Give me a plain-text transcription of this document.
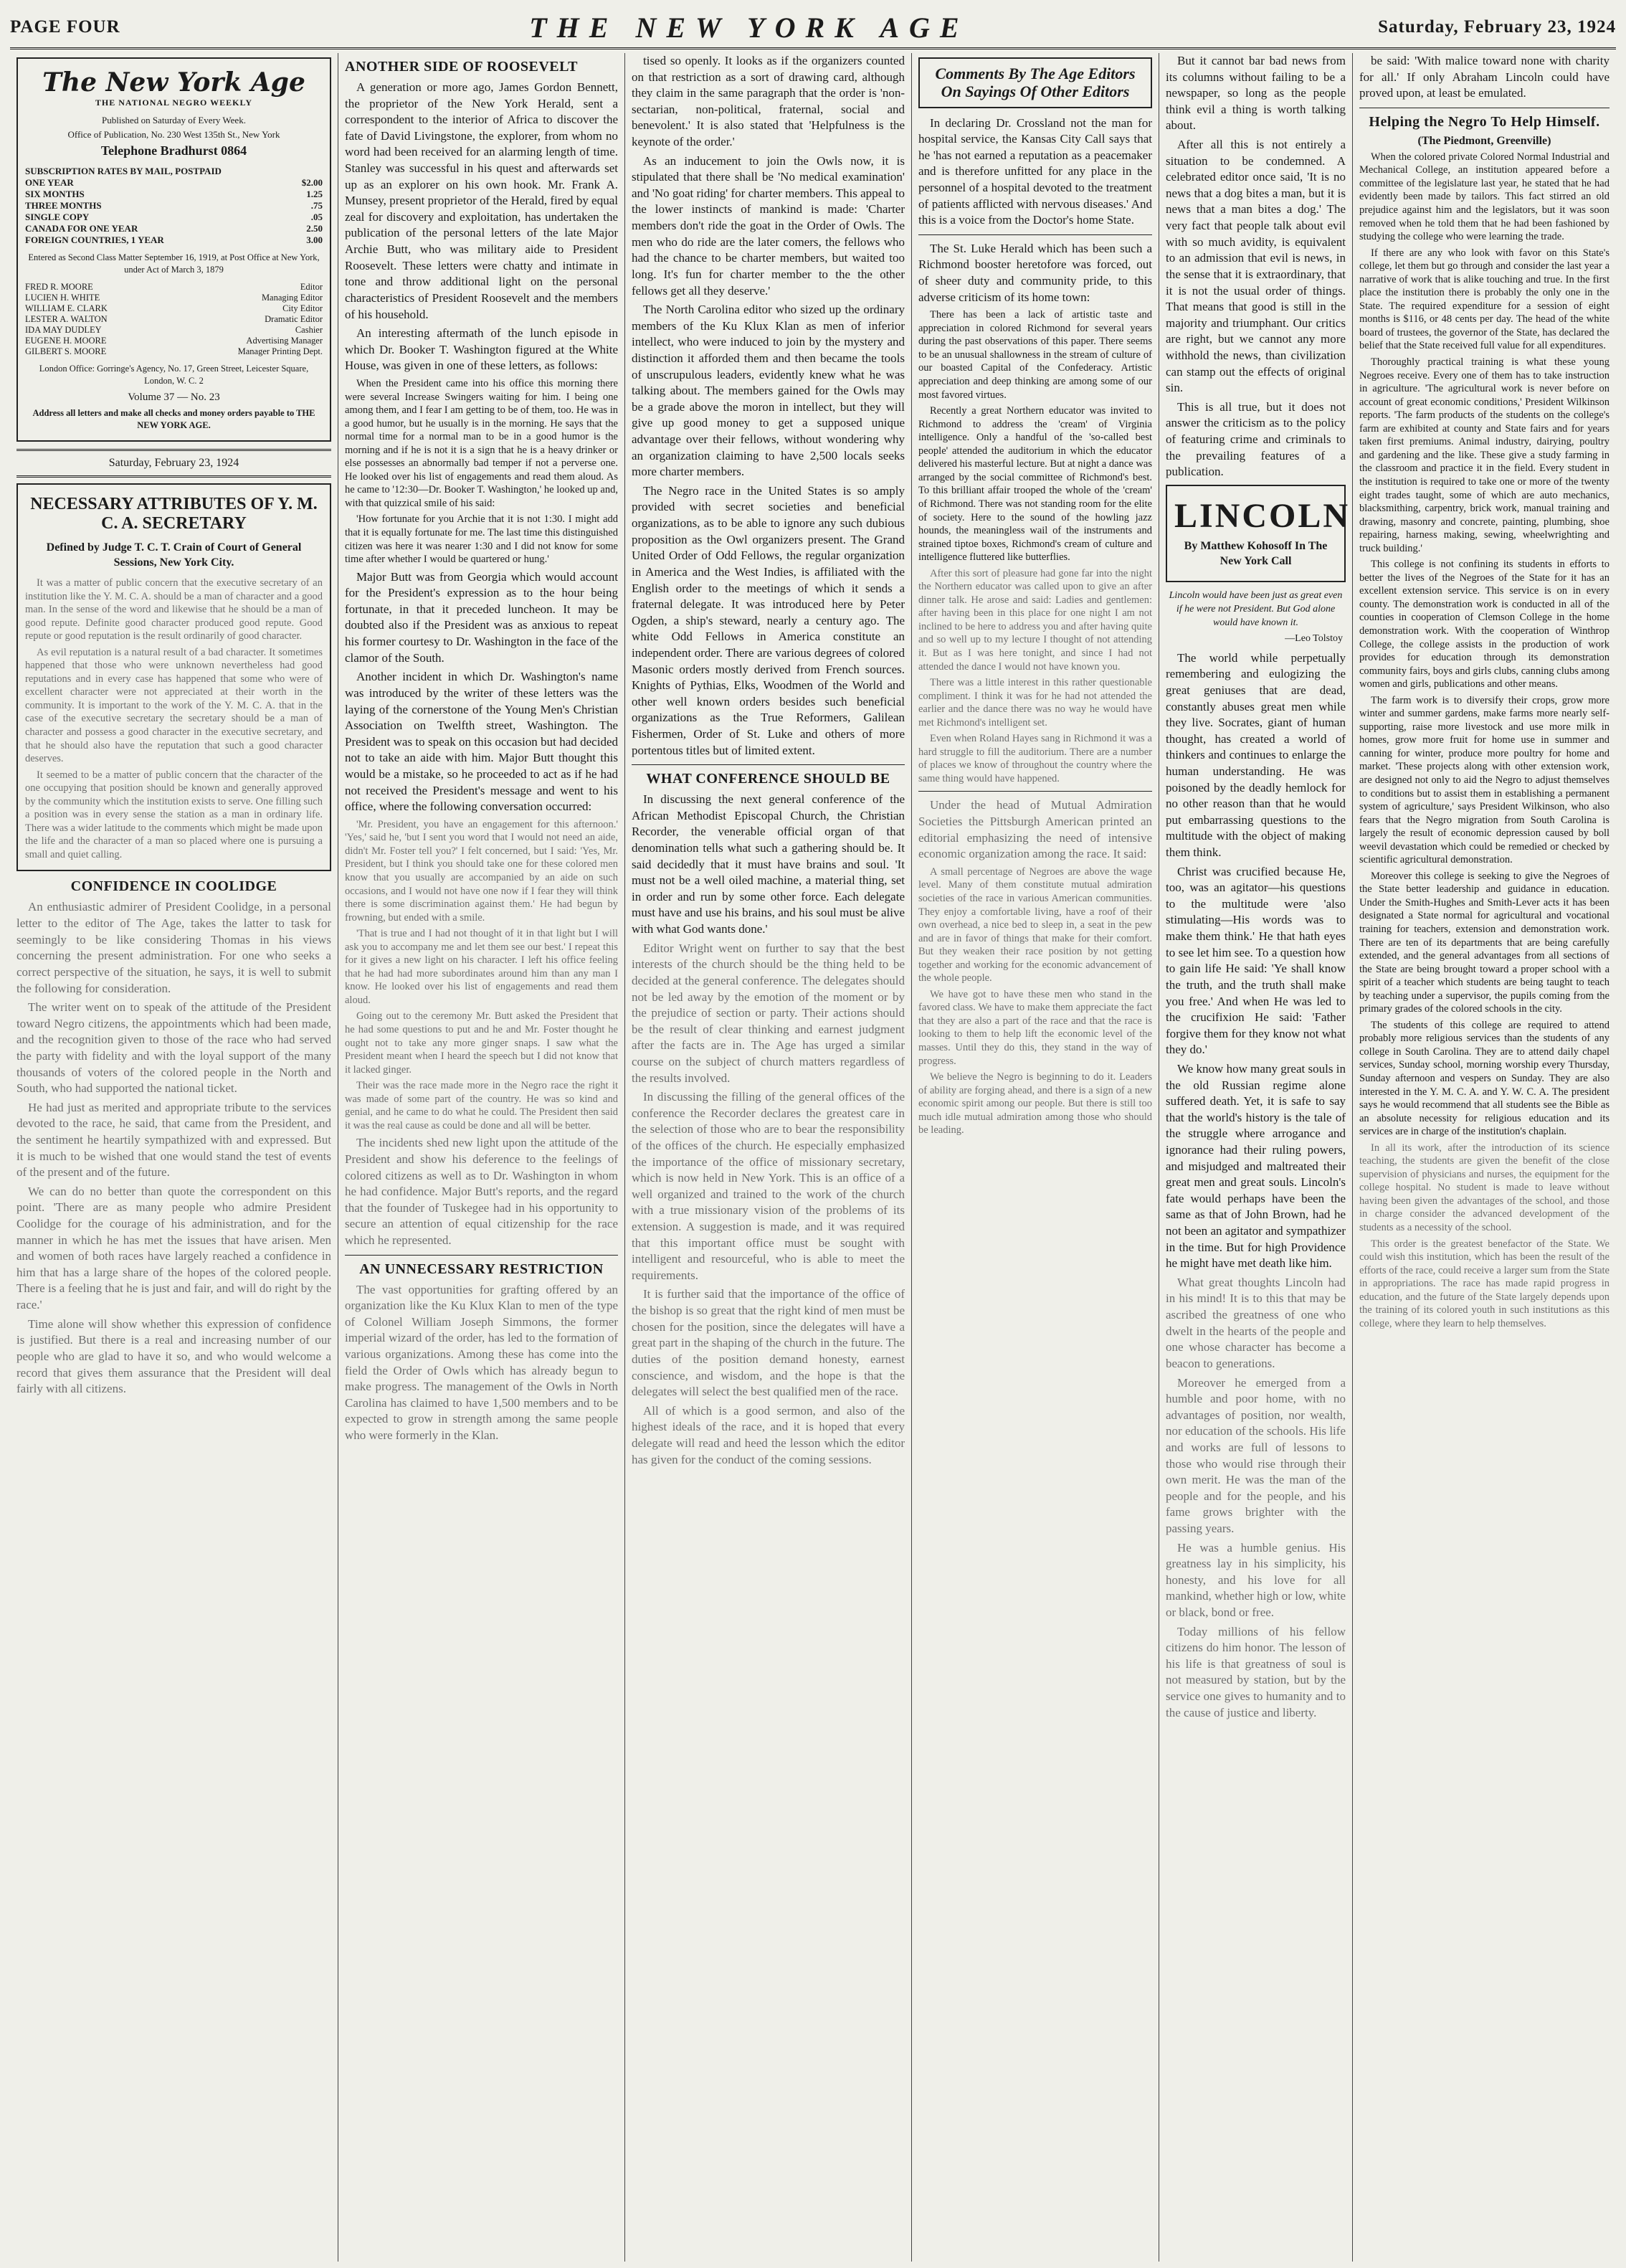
PAGE FOUR	THE NEW YORK AGE	Saturday, February 23, 1924
The New York Age
THE NATIONAL NEGRO WEEKLY
Published on Saturday of Every Week.
Office of Publication, No. 230 West 135th St., New York
Telephone Bradhurst 0864
SUBSCRIPTION RATES BY MAIL, POSTPAID
ONE YEAR	$2.00
SIX MONTHS	1.25
THREE MONTHS	.75
SINGLE COPY	.05
CANADA FOR ONE YEAR	2.50
FOREIGN COUNTRIES, 1 YEAR	3.00
Entered as Second Class Matter September 16, 1919, at Post Office at New York, under Act of March 3, 1879
FRED R. MOORE	Editor
LUCIEN H. WHITE	Managing Editor
WILLIAM E. CLARK	City Editor
LESTER A. WALTON	Dramatic Editor
IDA MAY DUDLEY	Cashier
EUGENE H. MOORE	Advertising Manager
GILBERT S. MOORE	Manager Printing Dept.
London Office: Gorringe's Agency, No. 17, Green Street, Leicester Square, London, W. C. 2
Volume 37 — No. 23
Address all letters and make all checks and money orders payable to THE NEW YORK AGE.
Saturday, February 23, 1924
NECESSARY ATTRIBUTES OF Y. M. C. A. SECRETARY
Defined by Judge T. C. T. Crain of Court of General Sessions, New York City.

It was a matter of public concern that the executive secretary of an institution like the Y. M. C. A. should be a man of character and a good man. In the sense of the word and likewise that he should be a man of good repute. Definite good character produced good repute. Good repute or good reputation is the result ordinarily of good character.

As evil reputation is a natural result of a bad character. It sometimes happened that those who were unknown nevertheless had good reputations and in every case has happened that some who were of excellent character were not appreciated at their worth in the community. It is important to the work of the Y. M. C. A. that in the case of the executive secretary the secretary should be a man of character and possess a good character in the executive secretary, and that he should also have the reputation that such a good character deserves.

It seemed to be a matter of public concern that the character of the one occupying that position should be known and generally approved by the community which the institution exists to serve. One filling such a position was in every sense the station as a man in ordinary life. There was a wider latitude to the comments which might be made upon the life and the character of a man so placed where one is pursuing a small and quiet calling.

CONFIDENCE IN COOLIDGE

An enthusiastic admirer of President Coolidge, in a personal letter to the editor of The Age, takes the latter to task for seemingly to be like considering Thomas in his views concerning the present administration. For one who seeks a correct perspective of the situation, he says, it is well to submit the following for consideration.

The writer went on to speak of the attitude of the President toward Negro citizens, the appointments which had been made, and the recognition given to those of the race who had served the party with fidelity and with the loyal support of the many thousands of voters of the colored people in the North and South, who had supported the national ticket.

He had just as merited and appropriate tribute to the services devoted to the race, he said, that came from the President, and the sentiment he heartily sympathized with and expressed. But it is much to be wished that one would stand the test of events of the present and of the future.

We can do no better than quote the correspondent on this point. 'There are as many people who admire President Coolidge for the courage of his administration, and for the manner in which he has met the issues that have arisen. Men and women of both races have largely reached a confidence in him that has a large share of the hopes of the colored people. There is a feeling that he is just and fair, and will do right by the race.'

Time alone will show whether this expression of confidence is justified. But there is a real and increasing number of our people who are glad to have it so, and who would welcome a record that gives them assurance that the President will deal fairly with all citizens.

ANOTHER SIDE OF ROOSEVELT

A generation or more ago, James Gordon Bennett, the proprietor of the New York Herald, sent a correspondent to the interior of Africa to discover the fate of David Livingstone, the explorer, from whom no word had been received for an alarming length of time. Stanley was successful in his quest and afterwards set up as an explorer on his own hook. Mr. Frank A. Munsey, present proprietor of the Herald, fired by equal zeal for discovery and exploitation, has undertaken the publication of the personal letters of the late Major Archie Butt, who was military aide to President Roosevelt. These letters were chatty and intimate in tone and throw additional light on the personal characteristics of President Roosevelt and the members of his household.

An interesting aftermath of the lunch episode in which Dr. Booker T. Washington figured at the White House, was given in one of these letters, as follows:

When the President came into his office this morning there were several Increase Swingers waiting for him. I being one among them, and I fear I am getting to be of them, too. He was in a good humor, but he usually is in the morning. He says that the normal time for a normal man to be in a good humor is the morning and if he is not it is a sign that he is a heavy drinker or else possesses an abnormally bad temper if not a perverse one. He looked over his list of engagements and read them aloud. As he came to '12:30—Dr. Booker T. Washington,' he looked up and, with that quizzical smile of his said:

'How fortunate for you Archie that it is not 1:30. I might add that it is equally fortunate for me. The last time this distinguished citizen was here it was nearer 1:30 and I did not know for some time after whether I would be quartered or hung.'

Major Butt was from Georgia which would account for the President's expression as to the hour being fortunate, in that it preceded luncheon. It may be doubted also if the President was as anxious to repeat his former courtesy to Dr. Washington in the face of the clamor of the South.

Another incident in which Dr. Washington's name was introduced by the writer of these letters was the laying of the cornerstone of the Young Men's Christian Association on Twelfth street, Washington. The President was to speak on this occasion but had decided not to take an aide with him. Major Butt thought this would be a mistake, so he proceeded to act as if he had not received the President's message and went to his office, where the following conversation occurred:

'Mr. President, you have an engagement for this afternoon.' 'Yes,' said he, 'but I sent you word that I would not need an aide, didn't Mr. Foster tell you?' I felt concerned, but I said: 'Yes, Mr. President, but I think you should take one for these colored men know that you usually are accompanied by an aide on such occasions, and I would not have one now if I fear they will think there is some discrimination against them.' He had begun by frowning, but ended with a smile.

'That is true and I had not thought of it in that light but I will ask you to accompany me and let them see our best.' I repeat this for it gives a new light on his character. I left his office feeling that he had had more subordinates around him than any man I know. He looked over his list of engagements and read them aloud.

Going out to the ceremony Mr. Butt asked the President that he had some questions to put and he and Mr. Foster thought he ought not to take any more ginger snaps. I saw what the President meant when I heard the speech but I did not know that it lacked ginger.

Their was the race made more in the Negro race the right it was made of some part of the country. He was so kind and genial, and he came to do what he could. The President then said it was the real cause as could be done and all will be better.

The incidents shed new light upon the attitude of the President and show his deference to the feelings of colored citizens as well as to Dr. Washington in whom he had confidence. Major Butt's reports, and the regard that the founder of Tuskegee had in his opportunity to secure an attention of equal citizenship for the race which he represented.

AN UNNECESSARY RESTRICTION

The vast opportunities for grafting offered by an organization like the Ku Klux Klan to men of the type of Colonel William Joseph Simmons, the former imperial wizard of the order, has led to the formation of various organizations. Among these has come into the field the Order of Owls which has already begun to make progress. The management of the Owls in North Carolina has claimed to have 1,500 members and to be expected to grow in strength among the same people who were formerly in the Klan.

tised so openly. It looks as if the organizers counted on that restriction as a sort of drawing card, although they claim in the same paragraph that the order is 'non-sectarian, non-political, fraternal, social and benevolent.' It is also stated that 'Helpfulness is the keynote of the order.'

As an inducement to join the Owls now, it is stipulated that there shall be 'No medical examination' and 'No goat riding' for charter members. This appeal to the lower instincts of mankind is made: 'Charter members don't ride the goat in the Order of Owls. The men who do ride are the later comers, the fellows who had the chance to be charter members, but waited too long. It's fun for charter member to the the other fellows get all they deserve.'

The North Carolina editor who sized up the ordinary members of the Ku Klux Klan as men of inferior intellect, who were induced to join by the mystery and distinction it afforded them and then became the tools of unscrupulous leaders, evidently knew what he was talking about. The members gained for the Owls may be a grade above the moron in intellect, but they will give up good money to get a supposed unique advantage over their fellows, without wondering why an organization claiming to have 2,500 locals seeks more charter members.

The Negro race in the United States is so amply provided with secret societies and beneficial organizations, as to be able to ignore any such dubious proposition as the Owl organizers present. The Grand United Order of Odd Fellows, the regular organization in America and the West Indies, is affiliated with the English order to the meetings of which it sends a fraternal delegate. It was introduced here by Peter Ogden, a ship's steward, nearly a century ago. The white Odd Fellows in America constitute an independent order. There are various degrees of colored Masonic orders mostly derived from French sources. Knights of Pythias, Elks, Woodmen of the World and other well known orders besides such beneficial organizations as the True Reformers, Galilean Fishermen, Order of St. Luke and others of more portentous titles but of limited extent.

WHAT CONFERENCE SHOULD BE

In discussing the next general conference of the African Methodist Episcopal Church, the Christian Recorder, the venerable official organ of that denomination tells what such a gathering should be. It said decidedly that it must have brains and soul. 'It must not be a well oiled machine, a material thing, set in order and run by some other force. Each delegate must have and use his brains, and his soul must be alive with what God wants done.'

Editor Wright went on further to say that the best interests of the church should be the thing held to be decided at the general conference. The delegates should not be led away by the emotion of the moment or by the prejudice of section or party. Their actions should be the result of clear thinking and earnest judgment after the facts are in. The Age has urged a similar course on the subject of church matters regardless of the results involved.

In discussing the filling of the general offices of the conference the Recorder declares the greatest care in the selection of those who are to bear the responsibility of the offices of the church. He especially emphasized the importance of the office of missionary secretary, which is now held in New York. This is an office of a well organized and trained to the work of the church with a true missionary vision of the problems of its extension. A suggestion is made, and it was required that this important office must be sought with intelligent and resourceful, who is able to meet the requirements.

It is further said that the importance of the office of the bishop is so great that the right kind of men must be chosen for the position, since the delegates will have a great part in the shaping of the church in the future. The duties of the position demand honesty, earnest conscience, and wisdom, and the hope is that the delegates will select the best qualified men of the race.

All of which is a good sermon, and also of the highest ideals of the race, and it is hoped that every delegate will read and heed the lesson which the editor has given for the conduct of the coming sessions.

Comments By The Age Editors On Sayings Of Other Editors

In declaring Dr. Crossland not the man for hospital service, the Kansas City Call says that he 'has not earned a reputation as a peacemaker and is therefore unfitted for any place in the personnel of a hospital devoted to the treatment of patients afflicted with nervous diseases.' And this is a voice from the Doctor's home State.

The St. Luke Herald which has been such a Richmond booster heretofore was forced, out of sheer duty and community pride, to this adverse criticism of its home town:

There has been a lack of artistic taste and appreciation in colored Richmond for several years during the past observations of this paper. There seems to be an unusual shallowness in the stream of culture of our boasted Capital of the Confederacy. Artistic appreciation and deep thinking are among some of our most favored virtues.

Recently a great Northern educator was invited to Richmond to address the 'cream' of Virginia intelligence. Only a handful of the 'so-called best people' attended the auditorium in which the educator delivered his masterful lecture. But at night a dance was arranged by the social committee of Richmond's best. To this brilliant affair trooped the whole of the 'cream' of Richmond. There was not standing room for the elite of society. Here to the sound of the howling jazz hounds, the meaningless wail of the instruments and strained tiptoe boxes, Richmond's cream of culture and intelligence fluttered like butterflies.

After this sort of pleasure had gone far into the night the Northern educator was called upon to give an after dinner talk. He arose and said: Ladies and gentlemen: after having been in this place for one night I am not inclined to be here to address you and after having quite and so well up to my lecture I thought of not attending it. But as I was here tonight, and since I had not attended the dance I would not have known you.

There was a little interest in this rather questionable compliment. I think it was for he had not attended the earlier and the dance there was no way he would have met Richmond's intelligent set.

Even when Roland Hayes sang in Richmond it was a hard struggle to fill the auditorium. There are a number of places we know of throughout the country where the same thing would have happened.

Under the head of Mutual Admiration Societies the Pittsburgh American printed an editorial emphasizing the need of intensive economic organization among the race. It said:

A small percentage of Negroes are above the wage level. Many of them constitute mutual admiration societies of the race in various American communities. They enjoy a comfortable living, have a roof of their own overhead, a nice bed to sleep in, a seat in the pew and are in favor of things that make for their comfort. But they weaken their race position by not getting together and working for the economic advancement of the whole people.

We have got to have these men who stand in the favored class. We have to make them appreciate the fact that they are also a part of the race and that the race is looking to them to help lift the economic level of the masses. Until they do this, they stand in the way of progress.

We believe the Negro is beginning to do it. Leaders of ability are forging ahead, and there is a sign of a new economic spirit among our people. But there is still too much idle mutual admiration among those who should be leading.

But it cannot bar bad news from its columns without failing to be a newspaper, so long as the people think evil a thing is worth talking about.

After all this is not entirely a situation to be condemned. A celebrated editor once said, 'It is no news that a dog bites a man, but it is news that a man bites a dog.' The very fact that people talk about evil with so much avidity, is equivalent to an admission that evil is news, in the sense that it is extraordinary, that it is not the usual order of things. That means that good is still in the majority and triumphant. Our critics are right, but we cannot any more withhold the news, than civilization can stamp out the effects of original sin.

This is all true, but it does not answer the criticism as to the policy of featuring crime and criminals to the prevailing features of a publication.

LINCOLN
By Matthew Kohosoff In The New York Call
Lincoln would have been just as great even if he were not President. But God alone would have known it.
—Leo Tolstoy

The world while perpetually remembering and eulogizing the great geniuses that are dead, constantly abuses great men while they live. Socrates, giant of human thought, has created a world of thinkers and continues to enlarge the human understanding. He was poisoned by the deadly hemlock for no other reason than that he would put embarrassing questions to the multitude with the object of making them think.

Christ was crucified because He, too, was an agitator—his questions to the multitude were 'also stimulating—His words was to make them think.' He that hath eyes to see let him see. To a question how to gain life He said: 'Ye shall know the truth, and the truth shall make you free.' And when He was led to the crucifixion He said: 'Father forgive them for they know not what they do.'

We know how many great souls in the old Russian regime alone suffered death. Yet, it is safe to say that the world's history is the tale of the struggle where arrogance and ignorance had their ruling powers, and misjudged and maltreated their great men and great souls. Lincoln's fate would perhaps have been the same as that of John Brown, had he not been an agitator and sympathizer in the time. But for high Providence he might have met death like him.

What great thoughts Lincoln had in his mind! It is to this that may be ascribed the greatness of one who dwelt in the hearts of the people and one whose character has become a beacon to generations.

Moreover he emerged from a humble and poor home, with no advantages of position, nor wealth, nor education of the schools. His life and works are full of lessons to those who would rise through their own merit. He was the man of the people and for the people, and his fame grows brighter with the passing years.

He was a humble genius. His greatness lay in his simplicity, his honesty, and his love for all mankind, whether high or low, white or black, bond or free.

Today millions of his fellow citizens do him honor. The lesson of his life is that greatness of soul is not measured by station, but by the service one gives to humanity and to the cause of justice and liberty.

be said: 'With malice toward none with charity for all.' If only Abraham Lincoln could have proved upon, at least be emulated.

Helping the Negro To Help Himself.
(The Piedmont, Greenville)

When the colored private Colored Normal Industrial and Mechanical College, an institution appeared before a committee of the legislature last year, he stated that he had evidently been made by tailors. This fact stirred an old prejudice against him and the legislators, but it was soon removed when he told them that he had been fashioned by studying the college who were learning the trade.

If there are any who look with favor on this State's college, let them but go through and consider the last year a narrative of work that is alike touching and true. In the first place the institution there is probably the only one in the State. The required expenditure for a session of eight months is $116, or 48 cents per day. The head of the white board of trustees, the governor of the State, has declared the belief that the State received full value for all expenditures.

Thoroughly practical training is what these young Negroes receive. Every one of them has to take instruction in agriculture. 'The agricultural work is never before on account of great economic conditions,' President Wilkinson reports. 'The farm products of the students on the college's farm are exhibited at county and State fairs and for years taken first premiums. Animal industry, dairying, poultry and gardening and the like. These give a study farming in the classroom and practice it in the field. Every student in the institution is required to take one or more of the twenty eight trades taught, some of which are auto mechanics, blacksmithing, carpentry, brick work, manual training and drawing, masonry and concrete, painting, plumbing, shoe repairing, harness making, sewing, wheelwrighting and truck building.'

This college is not confining its students in efforts to better the lives of the Negroes of the State for it has an excellent extension service. This service is on in every county. The demonstration work is conducted in all of the counties in cooperation of Clemson College in the home demonstration work. With the cooperation of Winthrop College, the college assists in the production of work provides for education through its demonstration community fairs, boys and girls clubs, canning clubs among women and girls, publications and other means.

The farm work is to diversify their crops, grow more winter and summer gardens, make farms more nearly self-supporting, raise more livestock and use more milk in homes, grow more fruit for home use in summer and canning for winter, produce more poultry for home and market. 'These projects along with other extension work, are designed not only to aid the Negro to adjust themselves to conditions but to assist them in establishing a permanent system of agriculture,' says President Wilkinson, who also fears that the Negro migration from South Carolina is largely the result of economic depression caused by boll weevil devastation which could be remedied or checked by scientific agricultural demonstration.

Moreover this college is seeking to give the Negroes of the State better leadership and guidance in education. Under the Smith-Hughes and Smith-Lever acts it has been designated a State normal for agricultural and vocational training for teachers, extension and demonstration work. There are ten of its departments that are being carefully extended, and the general advantages from all sections of the State are being brought toward a proper school with a spirit of a teacher which students are being taught to teach by teaching under a supervisor, the pupils coming from the primary grades of the colored schools in the city.

The students of this college are required to attend probably more religious services than the students of any college in South Carolina. They are to attend daily chapel services, Sunday school, morning worship every Thursday, Sunday afternoon and vespers on Sunday. They are also interested in the Y. M. C. A. and Y. W. C. A. The president says he would recommend that all students see the Bible as an absolute necessity for religious education and its services are in charge of the institution's chaplain.

In all its work, after the introduction of its science teaching, the students are given the benefit of the close supervision of physicians and nurses, the equipment for the college hospital. No student is made to leave without having been given the advantages of the school, and those in charge consider the advanced development of the students as a necessity of the school.

This order is the greatest benefactor of the State. We could wish this institution, which has been the result of the efforts of the race, could receive a larger sum from the State in appropriations. The race has made rapid progress in education, and the future of the State largely depends upon the training of its colored youth in such institutions as this college, where they learn to help themselves.
